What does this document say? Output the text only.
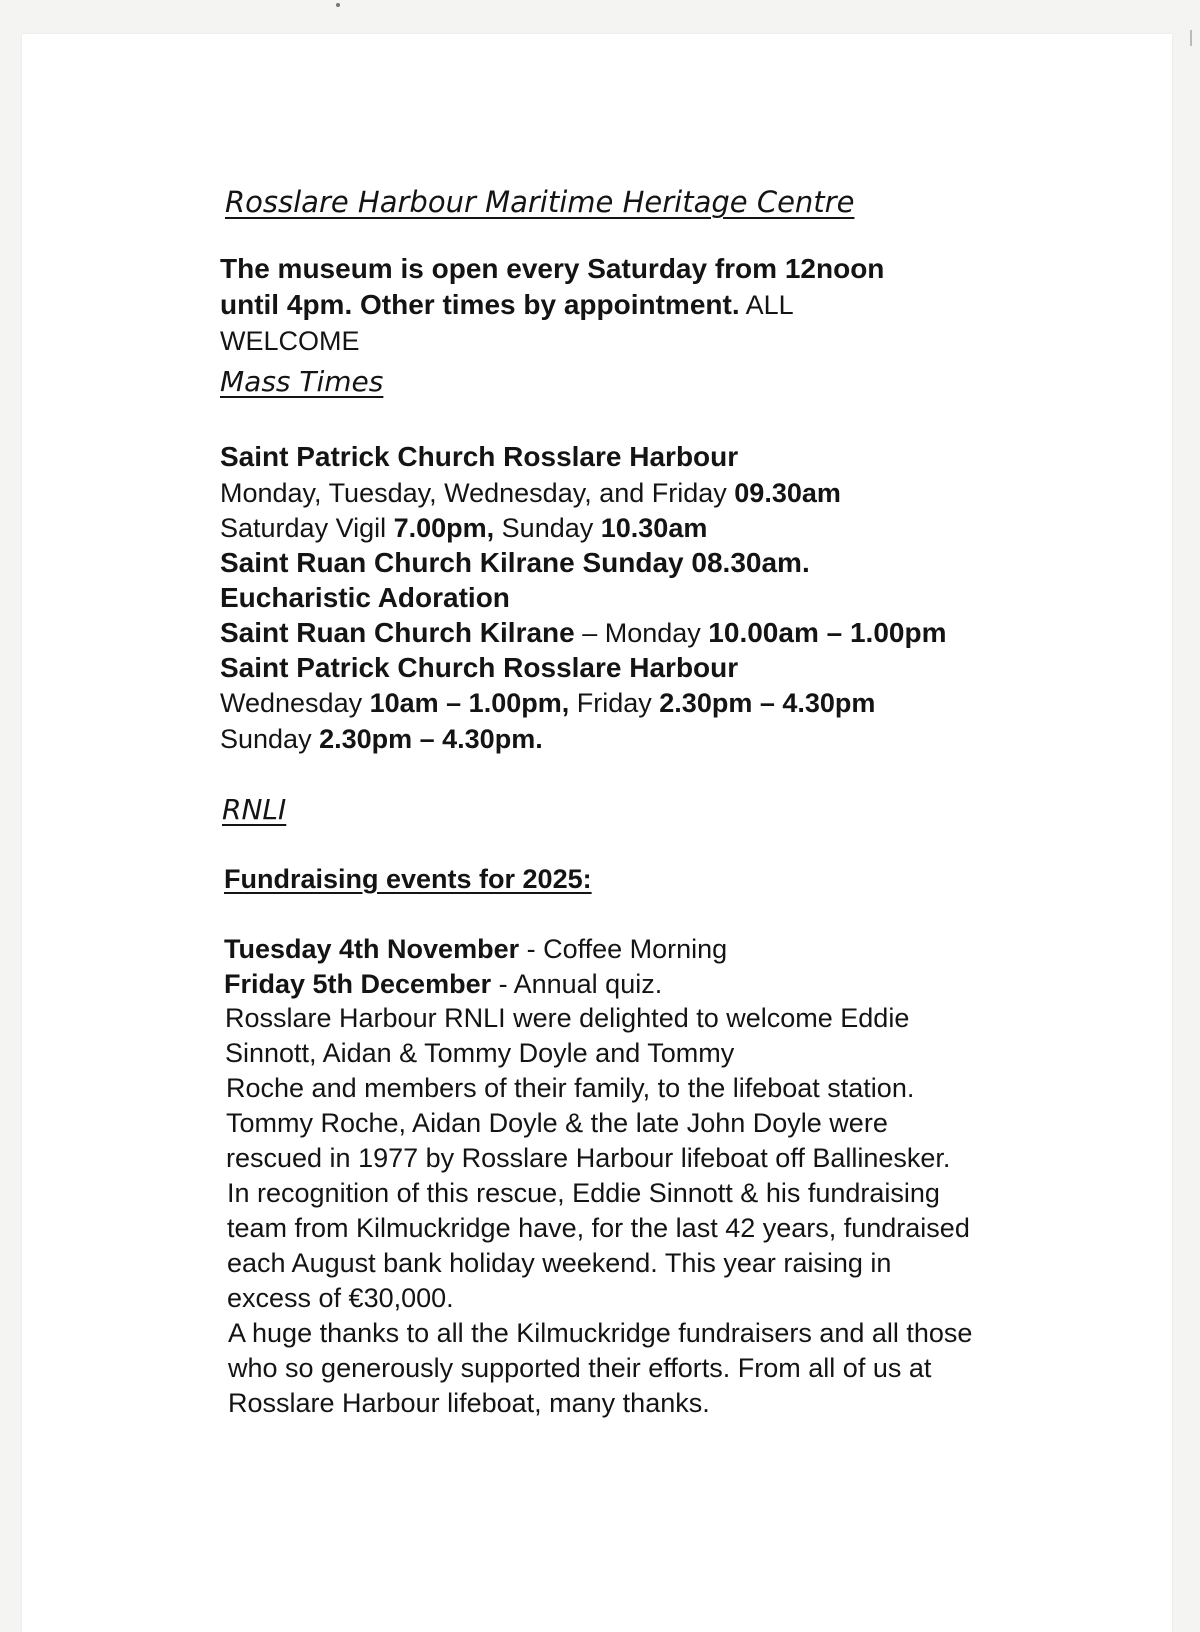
Rosslare Harbour Maritime Heritage Centre
The museum is open every Saturday from 12noon
until 4pm. Other times by appointment. ALL
WELCOME
Mass Times
Saint Patrick Church Rosslare Harbour
Monday, Tuesday, Wednesday, and Friday 09.30am
Saturday Vigil 7.00pm, Sunday 10.30am
Saint Ruan Church Kilrane Sunday 08.30am.
Eucharistic Adoration
Saint Ruan Church Kilrane – Monday 10.00am – 1.00pm
Saint Patrick Church Rosslare Harbour
Wednesday 10am – 1.00pm, Friday 2.30pm – 4.30pm
Sunday 2.30pm – 4.30pm.
RNLI
Fundraising events for 2025:
Tuesday 4th November - Coffee Morning
Friday 5th December - Annual quiz.
Rosslare Harbour RNLI were delighted to welcome Eddie
Sinnott, Aidan & Tommy Doyle and Tommy
Roche and members of their family, to the lifeboat station.
Tommy Roche, Aidan Doyle & the late John Doyle were
rescued in 1977 by Rosslare Harbour lifeboat off Ballinesker.
In recognition of this rescue, Eddie Sinnott & his fundraising
team from Kilmuckridge have, for the last 42 years, fundraised
each August bank holiday weekend. This year raising in
excess of €30,000.
A huge thanks to all the Kilmuckridge fundraisers and all those
who so generously supported their efforts. From all of us at
Rosslare Harbour lifeboat, many thanks.
